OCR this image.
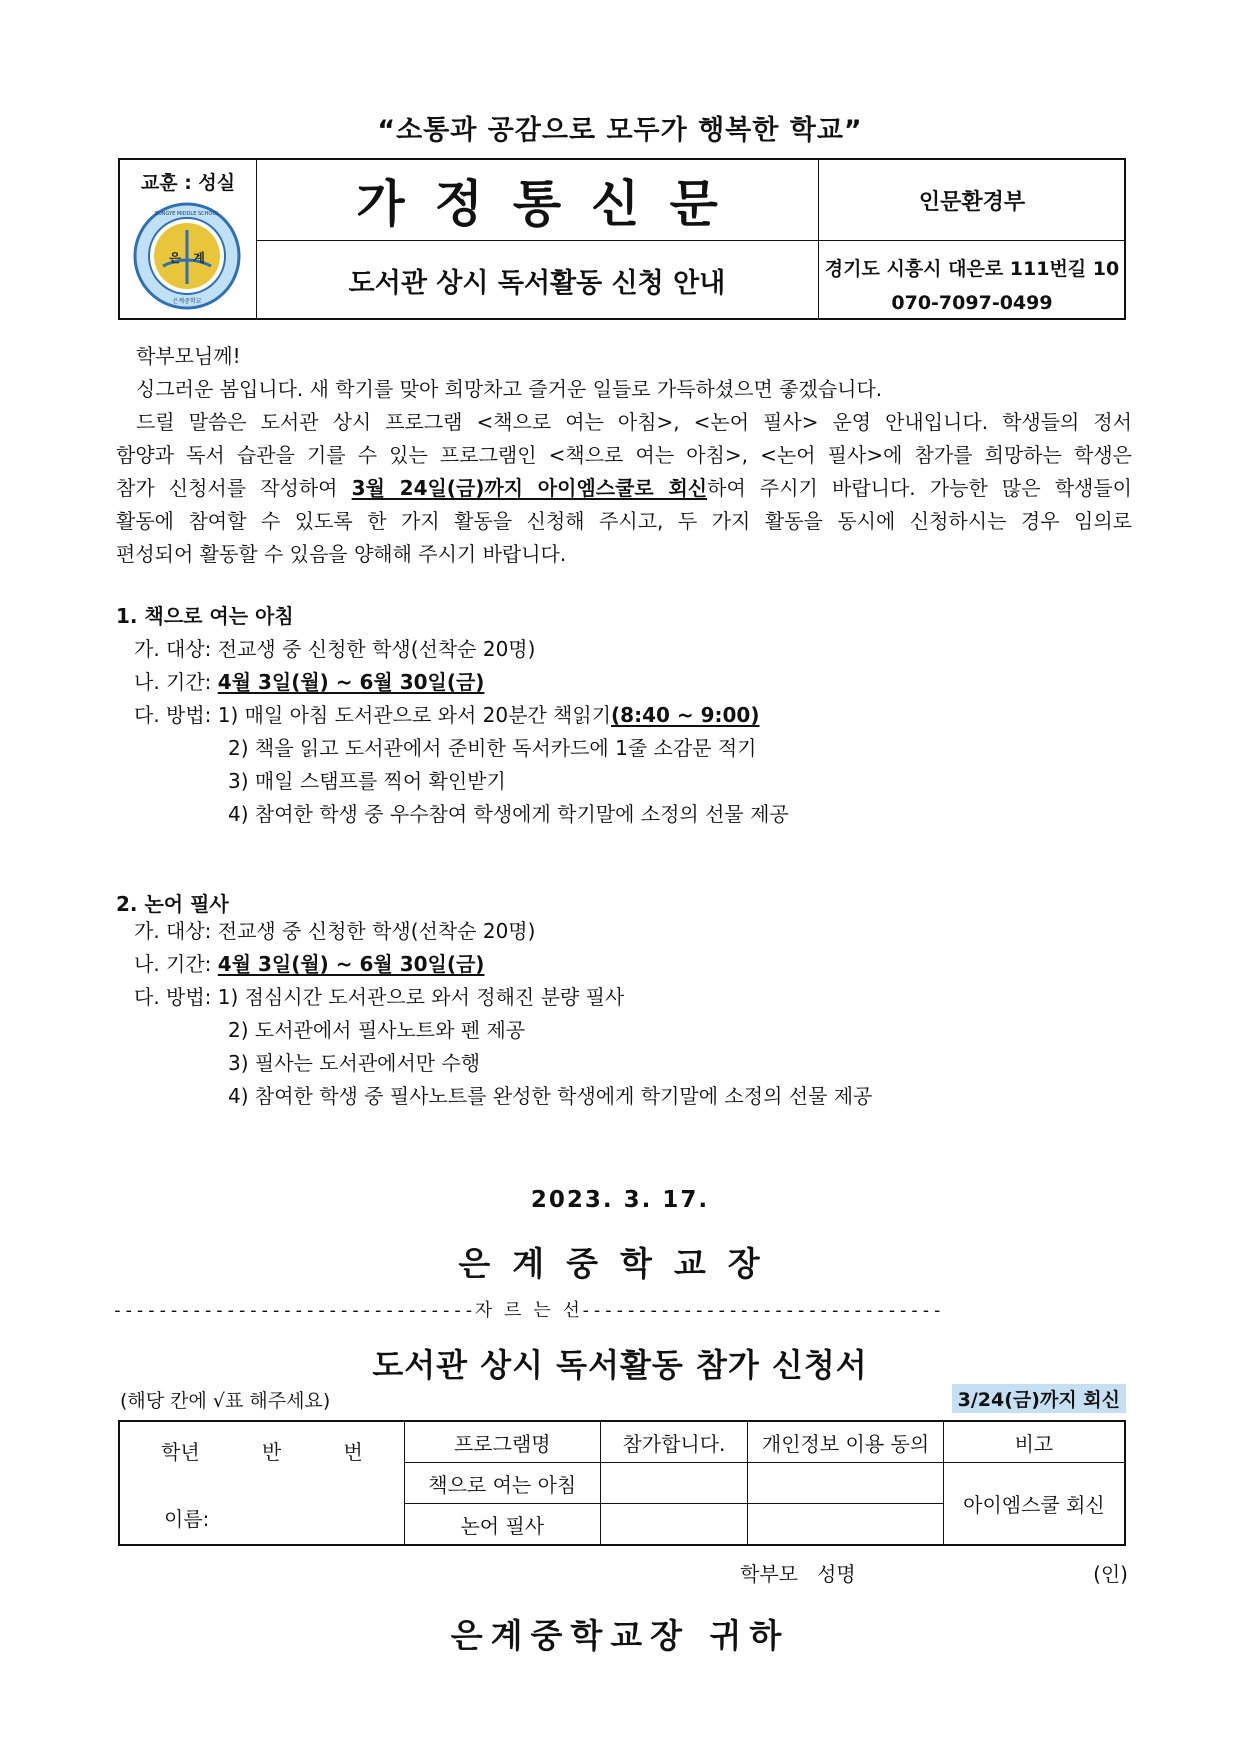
“소통과 공감으로 모두가 행복한 학교”
교훈 : 성실
은 계
EUNGYE MIDDLE SCHOOL
은계중학교
가정통신문	인문환경부
도서관 상시 독서활동 신청 안내	경기도 시흥시 대은로 111번길 10
070-7097-0499
학부모님께!
싱그러운 봄입니다. 새 학기를 맞아 희망차고 즐거운 일들로 가득하셨으면 좋겠습니다.
드릴 말씀은 도서관 상시 프로그램 <책으로 여는 아침>, <논어 필사> 운영 안내입니다. 학생들의 정서
함양과 독서 습관을 기를 수 있는 프로그램인 <책으로 여는 아침>, <논어 필사>에 참가를 희망하는 학생은
참가 신청서를 작성하여 3월 24일(금)까지 아이엠스쿨로 회신하여 주시기 바랍니다. 가능한 많은 학생들이
활동에 참여할 수 있도록 한 가지 활동을 신청해 주시고, 두 가지 활동을 동시에 신청하시는 경우 임의로
편성되어 활동할 수 있음을 양해해 주시기 바랍니다.
1. 책으로 여는 아침
가. 대상: 전교생 중 신청한 학생(선착순 20명)
나. 기간: 4월 3일(월) ~ 6월 30일(금)
다. 방법: 1) 매일 아침 도서관으로 와서 20분간 책읽기(8:40 ~ 9:00)
2) 책을 읽고 도서관에서 준비한 독서카드에 1줄 소감문 적기
3) 매일 스탬프를 찍어 확인받기
4) 참여한 학생 중 우수참여 학생에게 학기말에 소정의 선물 제공
2. 논어 필사
가. 대상: 전교생 중 신청한 학생(선착순 20명)
나. 기간: 4월 3일(월) ~ 6월 30일(금)
다. 방법: 1) 점심시간 도서관으로 와서 정해진 분량 필사
2) 도서관에서 필사노트와 펜 제공
3) 필사는 도서관에서만 수행
4) 참여한 학생 중 필사노트를 완성한 학생에게 학기말에 소정의 선물 제공
2023. 3. 17.
은계중학교장
--------------------------------자 르 는 선--------------------------------
도서관 상시 독서활동 참가 신청서
(해당 칸에 √표 해주세요)	3/24(금)까지 회신
학년 반 번
이름:	프로그램명	참가합니다.	개인정보 이용 동의	비고
	책으로 여는 아침			아이엠스쿨 회신
	논어 필사			
학부모   성명	(인)
은계중학교장 귀하
